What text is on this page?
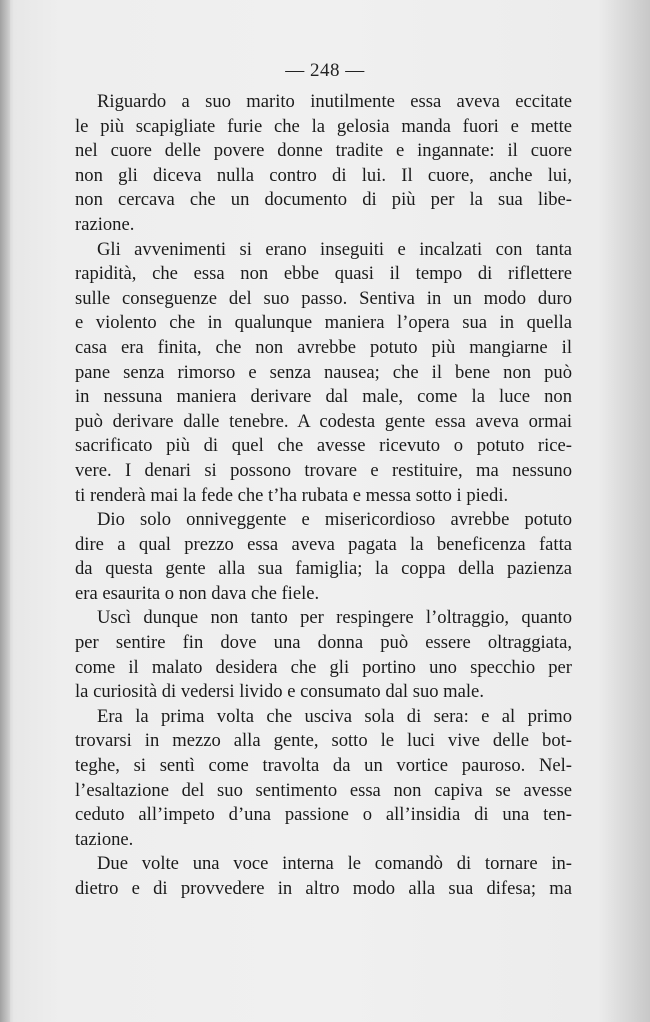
— 248 —

Riguardo a suo marito inutilmente essa aveva eccitate
le più scapigliate furie che la gelosia manda fuori e mette
nel cuore delle povere donne tradite e ingannate: il cuore
non gli diceva nulla contro di lui. Il cuore, anche lui,
non cercava che un documento di più per la sua libe-
razione.

Gli avvenimenti si erano inseguiti e incalzati con tanta
rapidità, che essa non ebbe quasi il tempo di riflettere
sulle conseguenze del suo passo. Sentiva in un modo duro
e violento che in qualunque maniera l’opera sua in quella
casa era finita, che non avrebbe potuto più mangiarne il
pane senza rimorso e senza nausea; che il bene non può
in nessuna maniera derivare dal male, come la luce non
può derivare dalle tenebre. A codesta gente essa aveva ormai
sacrificato più di quel che avesse ricevuto o potuto rice-
vere. I denari si possono trovare e restituire, ma nessuno
ti renderà mai la fede che t’ha rubata e messa sotto i piedi.

Dio solo onniveggente e misericordioso avrebbe potuto
dire a qual prezzo essa aveva pagata la beneficenza fatta
da questa gente alla sua famiglia; la coppa della pazienza
era esaurita o non dava che fiele.

Uscì dunque non tanto per respingere l’oltraggio, quanto
per sentire fin dove una donna può essere oltraggiata,
come il malato desidera che gli portino uno specchio per
la curiosità di vedersi livido e consumato dal suo male.

Era la prima volta che usciva sola di sera: e al primo
trovarsi in mezzo alla gente, sotto le luci vive delle bot-
teghe, si sentì come travolta da un vortice pauroso. Nel-
l’esaltazione del suo sentimento essa non capiva se avesse
ceduto all’impeto d’una passione o all’insidia di una ten-
tazione.

Due volte una voce interna le comandò di tornare in-
dietro e di provvedere in altro modo alla sua difesa; ma
